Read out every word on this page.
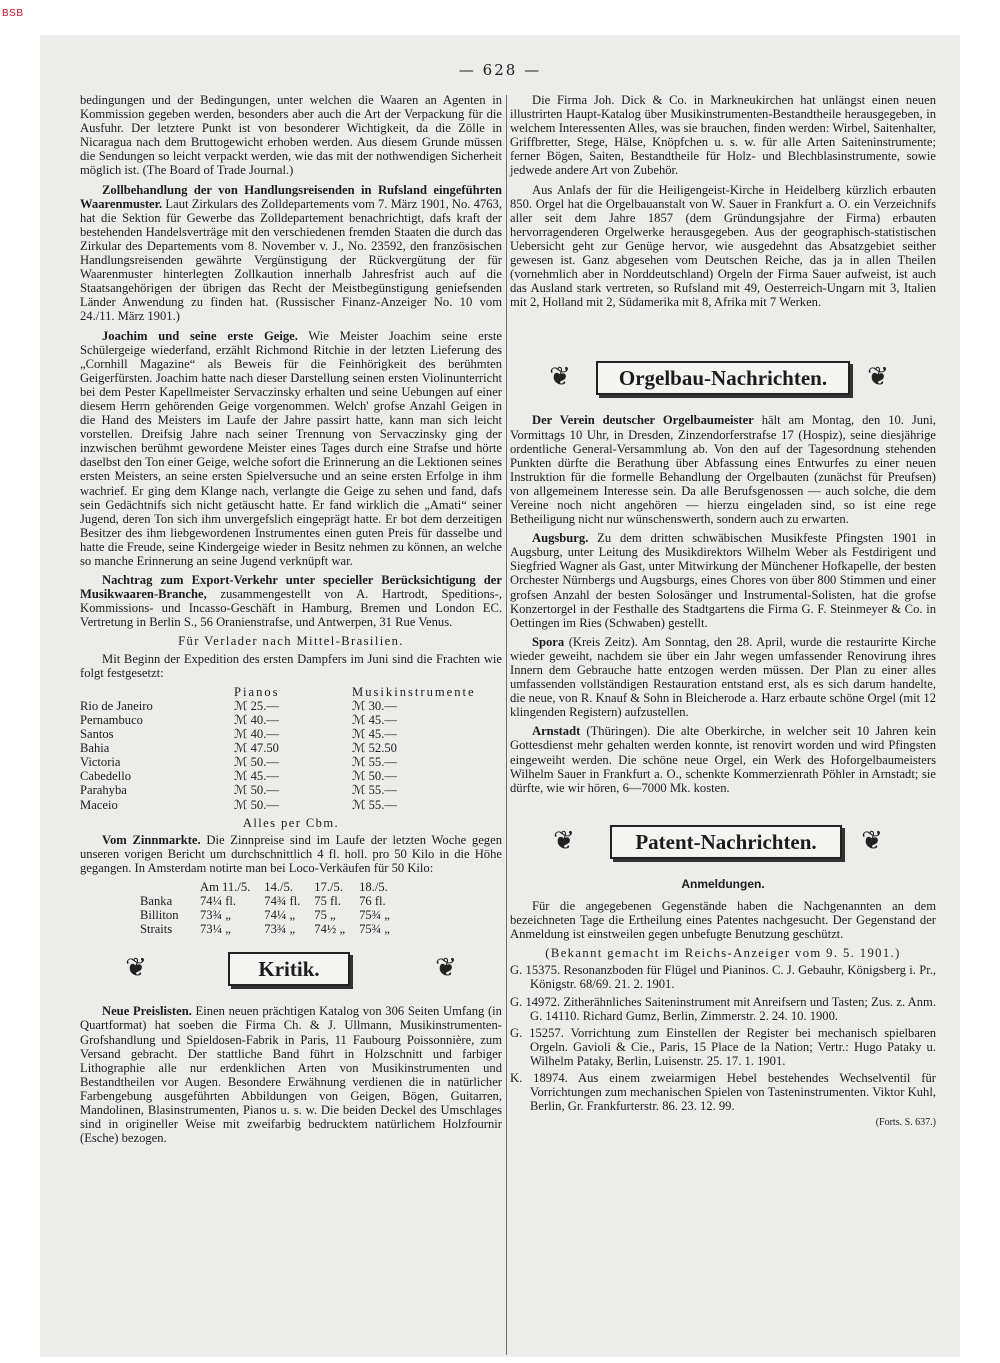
BSB
— 628 —

bedingungen und der Bedingungen, unter welchen die Waaren an Agenten in Kommission gegeben werden, besonders aber auch die Art der Verpackung für die Ausfuhr. Der letztere Punkt ist von besonderer Wichtigkeit, da die Zölle in Nicaragua nach dem Bruttogewicht erhoben werden. Aus diesem Grunde müssen die Sendungen so leicht verpackt werden, wie das mit der nothwendigen Sicherheit möglich ist. (The Board of Trade Journal.)

Zollbehandlung der von Handlungsreisenden in Rufsland eingeführten Waarenmuster. Laut Zirkulars des Zolldepartements vom 7. März 1901, No. 4763, hat die Sektion für Gewerbe das Zolldepartement benachrichtigt, dafs kraft der bestehenden Handelsverträge mit den verschiedenen fremden Staaten die durch das Zirkular des Departements vom 8. November v. J., No. 23592, den französischen Handlungsreisenden gewährte Vergünstigung der Rückvergütung der für Waarenmuster hinterlegten Zollkaution innerhalb Jahresfrist auch auf die Staatsangehörigen der übrigen das Recht der Meistbegünstigung geniefsenden Länder Anwendung zu finden hat. (Russischer Finanz-Anzeiger No. 10 vom 24./11. März 1901.)

Joachim und seine erste Geige. Wie Meister Joachim seine erste Schülergeige wiederfand, erzählt Richmond Ritchie in der letzten Lieferung des „Cornhill Magazine“ als Beweis für die Feinhörigkeit des berühmten Geigerfürsten. Joachim hatte nach dieser Darstellung seinen ersten Violinunterricht bei dem Pester Kapellmeister Servaczinsky erhalten und seine Uebungen auf einer diesem Herrn gehörenden Geige vorgenommen. Welch' grofse Anzahl Geigen in die Hand des Meisters im Laufe der Jahre passirt hatte, kann man sich leicht vorstellen. Dreifsig Jahre nach seiner Trennung von Servaczinsky ging der inzwischen berühmt gewordene Meister eines Tages durch eine Strafse und hörte daselbst den Ton einer Geige, welche sofort die Erinnerung an die Lektionen seines ersten Meisters, an seine ersten Spielversuche und an seine ersten Erfolge in ihm wachrief. Er ging dem Klange nach, verlangte die Geige zu sehen und fand, dafs sein Gedächtnifs sich nicht getäuscht hatte. Er fand wirklich die „Amati“ seiner Jugend, deren Ton sich ihm unvergefslich eingeprägt hatte. Er bot dem derzeitigen Besitzer des ihm liebgewordenen Instrumentes einen guten Preis für dasselbe und hatte die Freude, seine Kindergeige wieder in Besitz nehmen zu können, an welche so manche Erinnerung an seine Jugend verknüpft war.

Nachtrag zum Export-Verkehr unter specieller Berücksichtigung der Musikwaaren-Branche, zusammengestellt von A. Hartrodt, Speditions-, Kommissions- und Incasso-Geschäft in Hamburg, Bremen und London EC. Vertretung in Berlin S., 56 Oranienstrafse, und Antwerpen, 31 Rue Venus.

Für Verlader nach Mittel-Brasilien.

Mit Beginn der Expedition des ersten Dampfers im Juni sind die Frachten wie folgt festgesetzt:

	Pianos	Musikinstrumente
Rio de Janeiro	ℳ 25.—	ℳ 30.—
Pernambuco	ℳ 40.—	ℳ 45.—
Santos	ℳ 40.—	ℳ 45.—
Bahia	ℳ 47.50	ℳ 52.50
Victoria	ℳ 50.—	ℳ 55.—
Cabedello	ℳ 45.—	ℳ 50.—
Parahyba	ℳ 50.—	ℳ 55.—
Maceio	ℳ 50.—	ℳ 55.—
Alles per Cbm.

Vom Zinnmarkte. Die Zinnpreise sind im Laufe der letzten Woche gegen unseren vorigen Bericht um durchschnittlich 4 fl. holl. pro 50 Kilo in die Höhe gegangen. In Amsterdam notirte man bei Loco-Verkäufen für 50 Kilo:

	Am 11./5.	14./5.	17./5.	18./5.
Banka	74¼ fl.	74¾ fl.	75 fl.	76 fl.
Billiton	73¾ „	74¼ „	75 „	75¾ „
Straits	73¼ „	73¾ „	74½ „	75¾ „
❦	Kritik.	❦

Neue Preislisten. Einen neuen prächtigen Katalog von 306 Seiten Umfang (in Quartformat) hat soeben die Firma Ch. & J. Ullmann, Musikinstrumenten-Grofshandlung und Spieldosen-Fabrik in Paris, 11 Faubourg Poissonnière, zum Versand gebracht. Der stattliche Band führt in Holzschnitt und farbiger Lithographie alle nur erdenklichen Arten von Musikinstrumenten und Bestandtheilen vor Augen. Besondere Erwähnung verdienen die in natürlicher Farbengebung ausgeführten Abbildungen von Geigen, Bögen, Guitarren, Mandolinen, Blasinstrumenten, Pianos u. s. w. Die beiden Deckel des Umschlages sind in origineller Weise mit zweifarbig bedrucktem natürlichem Holzfournir (Esche) bezogen.

Die Firma Joh. Dick & Co. in Markneukirchen hat unlängst einen neuen illustrirten Haupt-Katalog über Musikinstrumenten-Bestandtheile herausgegeben, in welchem Interessenten Alles, was sie brauchen, finden werden: Wirbel, Saitenhalter, Griffbretter, Stege, Hälse, Knöpfchen u. s. w. für alle Arten Saiteninstrumente; ferner Bögen, Saiten, Bestandtheile für Holz- und Blechblasinstrumente, sowie jedwede andere Art von Zubehör.

Aus Anlafs der für die Heiligengeist-Kirche in Heidelberg kürzlich erbauten 850. Orgel hat die Orgelbauanstalt von W. Sauer in Frankfurt a. O. ein Verzeichnifs aller seit dem Jahre 1857 (dem Gründungsjahre der Firma) erbauten hervorragenderen Orgelwerke herausgegeben. Aus der geographisch-statistischen Uebersicht geht zur Genüge hervor, wie ausgedehnt das Absatzgebiet seither gewesen ist. Ganz abgesehen vom Deutschen Reiche, das ja in allen Theilen (vornehmlich aber in Norddeutschland) Orgeln der Firma Sauer aufweist, ist auch das Ausland stark vertreten, so Rufsland mit 49, Oesterreich-Ungarn mit 3, Italien mit 2, Holland mit 2, Südamerika mit 8, Afrika mit 7 Werken.

❦	Orgelbau-Nachrichten.	❦

Der Verein deutscher Orgelbaumeister hält am Montag, den 10. Juni, Vormittags 10 Uhr, in Dresden, Zinzendorferstrafse 17 (Hospiz), seine diesjährige ordentliche General-Versammlung ab. Von den auf der Tagesordnung stehenden Punkten dürfte die Berathung über Abfassung eines Entwurfes zu einer neuen Instruktion für die formelle Behandlung der Orgelbauten (zunächst für Preufsen) von allgemeinem Interesse sein. Da alle Berufsgenossen — auch solche, die dem Vereine noch nicht angehören — hierzu eingeladen sind, so ist eine rege Betheiligung nicht nur wünschenswerth, sondern auch zu erwarten.

Augsburg. Zu dem dritten schwäbischen Musikfeste Pfingsten 1901 in Augsburg, unter Leitung des Musikdirektors Wilhelm Weber als Festdirigent und Siegfried Wagner als Gast, unter Mitwirkung der Münchener Hofkapelle, der besten Orchester Nürnbergs und Augsburgs, eines Chores von über 800 Stimmen und einer grofsen Anzahl der besten Solosänger und Instrumental-Solisten, hat die grofse Konzertorgel in der Festhalle des Stadtgartens die Firma G. F. Steinmeyer & Co. in Oettingen im Ries (Schwaben) gestellt.

Spora (Kreis Zeitz). Am Sonntag, den 28. April, wurde die restaurirte Kirche wieder geweiht, nachdem sie über ein Jahr wegen umfassender Renovirung ihres Innern dem Gebrauche hatte entzogen werden müssen. Der Plan zu einer alles umfassenden vollständigen Restauration entstand erst, als es sich darum handelte, die neue, von R. Knauf & Sohn in Bleicherode a. Harz erbaute schöne Orgel (mit 12 klingenden Registern) aufzustellen.

Arnstadt (Thüringen). Die alte Oberkirche, in welcher seit 10 Jahren kein Gottesdienst mehr gehalten werden konnte, ist renovirt worden und wird Pfingsten eingeweiht werden. Die schöne neue Orgel, ein Werk des Hoforgelbaumeisters Wilhelm Sauer in Frankfurt a. O., schenkte Kommerzienrath Pöhler in Arnstadt; sie dürfte, wie wir hören, 6—7000 Mk. kosten.

❦	Patent-Nachrichten.	❦
Anmeldungen.

Für die angegebenen Gegenstände haben die Nachgenannten an dem bezeichneten Tage die Ertheilung eines Patentes nachgesucht. Der Gegenstand der Anmeldung ist einstweilen gegen unbefugte Benutzung geschützt.

(Bekannt gemacht im Reichs-Anzeiger vom 9. 5. 1901.)

G. 15375. Resonanzboden für Flügel und Pianinos. C. J. Gebauhr, Königsberg i. Pr., Königstr. 68/69. 21. 2. 1901.

G. 14972. Zitherähnliches Saiteninstrument mit Anreifsern und Tasten; Zus. z. Anm. G. 14110. Richard Gumz, Berlin, Zimmerstr. 2. 24. 10. 1900.

G. 15257. Vorrichtung zum Einstellen der Register bei mechanisch spielbaren Orgeln. Gavioli & Cie., Paris, 15 Place de la Nation; Vertr.: Hugo Pataky u. Wilhelm Pataky, Berlin, Luisenstr. 25. 17. 1. 1901.

K. 18974. Aus einem zweiarmigen Hebel bestehendes Wechselventil für Vorrichtungen zum mechanischen Spielen von Tasteninstrumenten. Viktor Kuhl, Berlin, Gr. Frankfurterstr. 86. 23. 12. 99.

(Forts. S. 637.)
